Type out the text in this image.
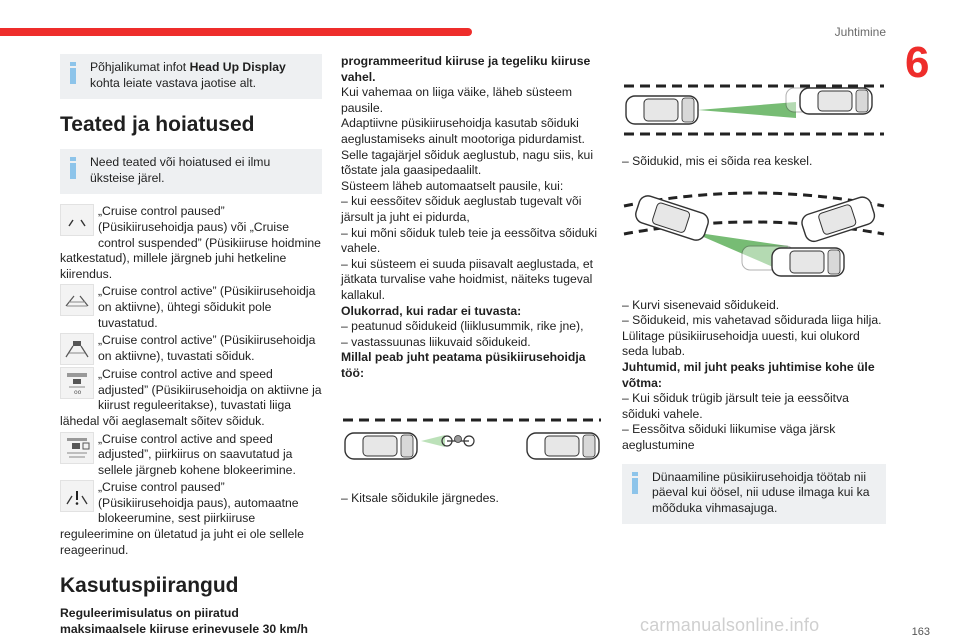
Juhtimine
6
Põhjalikumat infot Head Up Display kohta leiate vastava jaotise alt.
Teated ja hoiatused
Need teated või hoiatused ei ilmu üksteise järel.

„Cruise control paused” (Püsikiirusehoidja paus) või „Cruise control suspended” (Püsikiiruse hoidmine katkestatud), millele järgneb juhi hetkeline kiirendus.

„Cruise control active” (Püsikiirusehoidja on aktiivne), ühtegi sõidukit pole tuvastatud.

„Cruise control active” (Püsikiirusehoidja on aktiivne), tuvastati sõiduk.

oo

„Cruise control active and speed adjusted” (Püsikiirusehoidja on aktiivne ja kiirust reguleeritakse), tuvastati liiga lähedal või aeglasemalt sõitev sõiduk.

„Cruise control active and speed adjusted”, piirkiirus on saavutatud ja sellele järgneb kohene blokeerimine.

„Cruise control paused” (Püsikiirusehoidja paus), automaatne blokeerumine, sest piirkiiruse reguleerimine on ületatud ja juht ei ole sellele reageerinud.

Kasutuspiirangud

Reguleerimisulatus on piiratud maksimaalsele kiiruse erinevusele 30 km/h

programmeeritud kiiruse ja tegeliku kiiruse vahel.

Kui vahemaa on liiga väike, läheb süsteem pausile.

Adaptiivne püsikiirusehoidja kasutab sõiduki aeglustamiseks ainult mootoriga pidurdamist. Selle tagajärjel sõiduk aeglustub, nagu siis, kui tõstate jala gaasipedaalilt.

Süsteem läheb automaatselt pausile, kui:

– kui eessõitev sõiduk aeglustab tugevalt või järsult ja juht ei pidurda,

– kui mõni sõiduk tuleb teie ja eessõitva sõiduki vahele.

– kui süsteem ei suuda piisavalt aeglustada, et jätkata turvalise vahe hoidmist, näiteks tugeval kallakul.

Olukorrad, kui radar ei tuvasta:

– peatunud sõidukeid (liiklusummik, rike jne),

– vastassuunas liikuvaid sõidukeid.

Millal peab juht peatama püsikiirusehoidja töö:

– Kitsale sõidukile järgnedes.

– Sõidukid, mis ei sõida rea keskel.

– Kurvi sisenevaid sõidukeid.

– Sõidukeid, mis vahetavad sõidurada liiga hilja.

Lülitage püsikiirusehoidja uuesti, kui olukord seda lubab.

Juhtumid, mil juht peaks juhtimise kohe üle võtma:

– Kui sõiduk trügib järsult teie ja eessõitva sõiduki vahele.

– Eessõitva sõiduki liikumise väga järsk aeglustumine

Dünaamiline püsikiirusehoidja töötab nii päeval kui öösel, nii uduse ilmaga kui ka mõõduka vihmasajuga.
carmanualsonline.info	163
